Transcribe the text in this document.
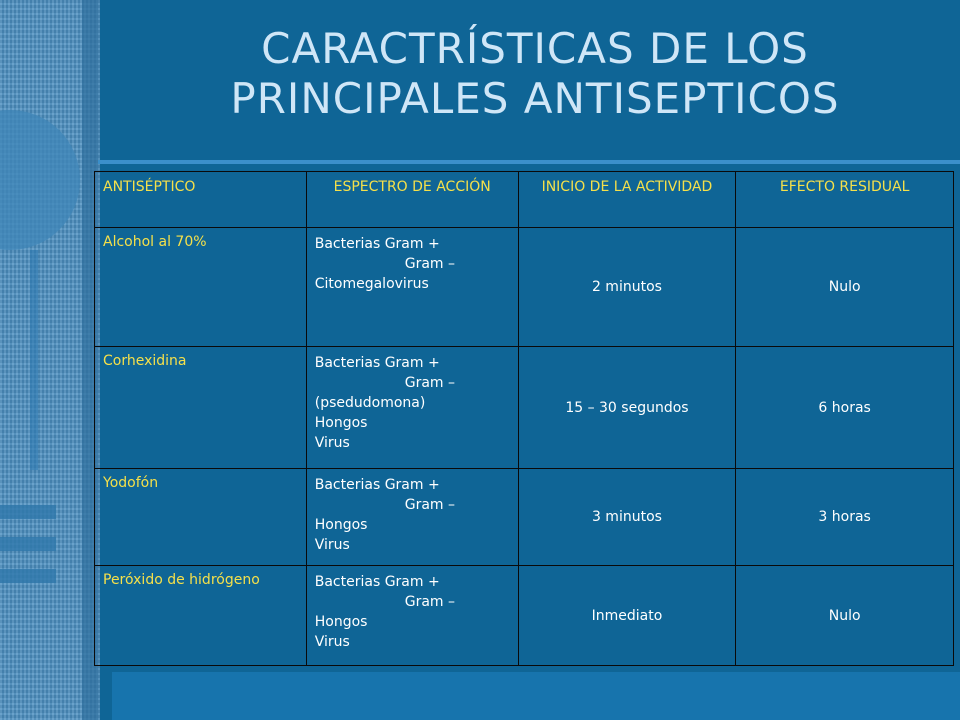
CARACTRÍSTICAS DE LOS
PRINCIPALES ANTISEPTICOS
ANTISÉPTICO	ESPECTRO DE ACCIÓN	INICIO DE LA ACTIVIDAD	EFECTO RESIDUAL
Alcohol al 70%	Bacterias Gram +
Gram –
Citomegalovirus	2 minutos	Nulo
Corhexidina	Bacterias Gram +
Gram –
(psedudomona)
Hongos
Virus	15 – 30 segundos	6 horas
Yodofón	Bacterias Gram +
Gram –
Hongos
Virus	3 minutos	3 horas
Peróxido de hidrógeno	Bacterias Gram +
Gram –
Hongos
Virus	Inmediato	Nulo
